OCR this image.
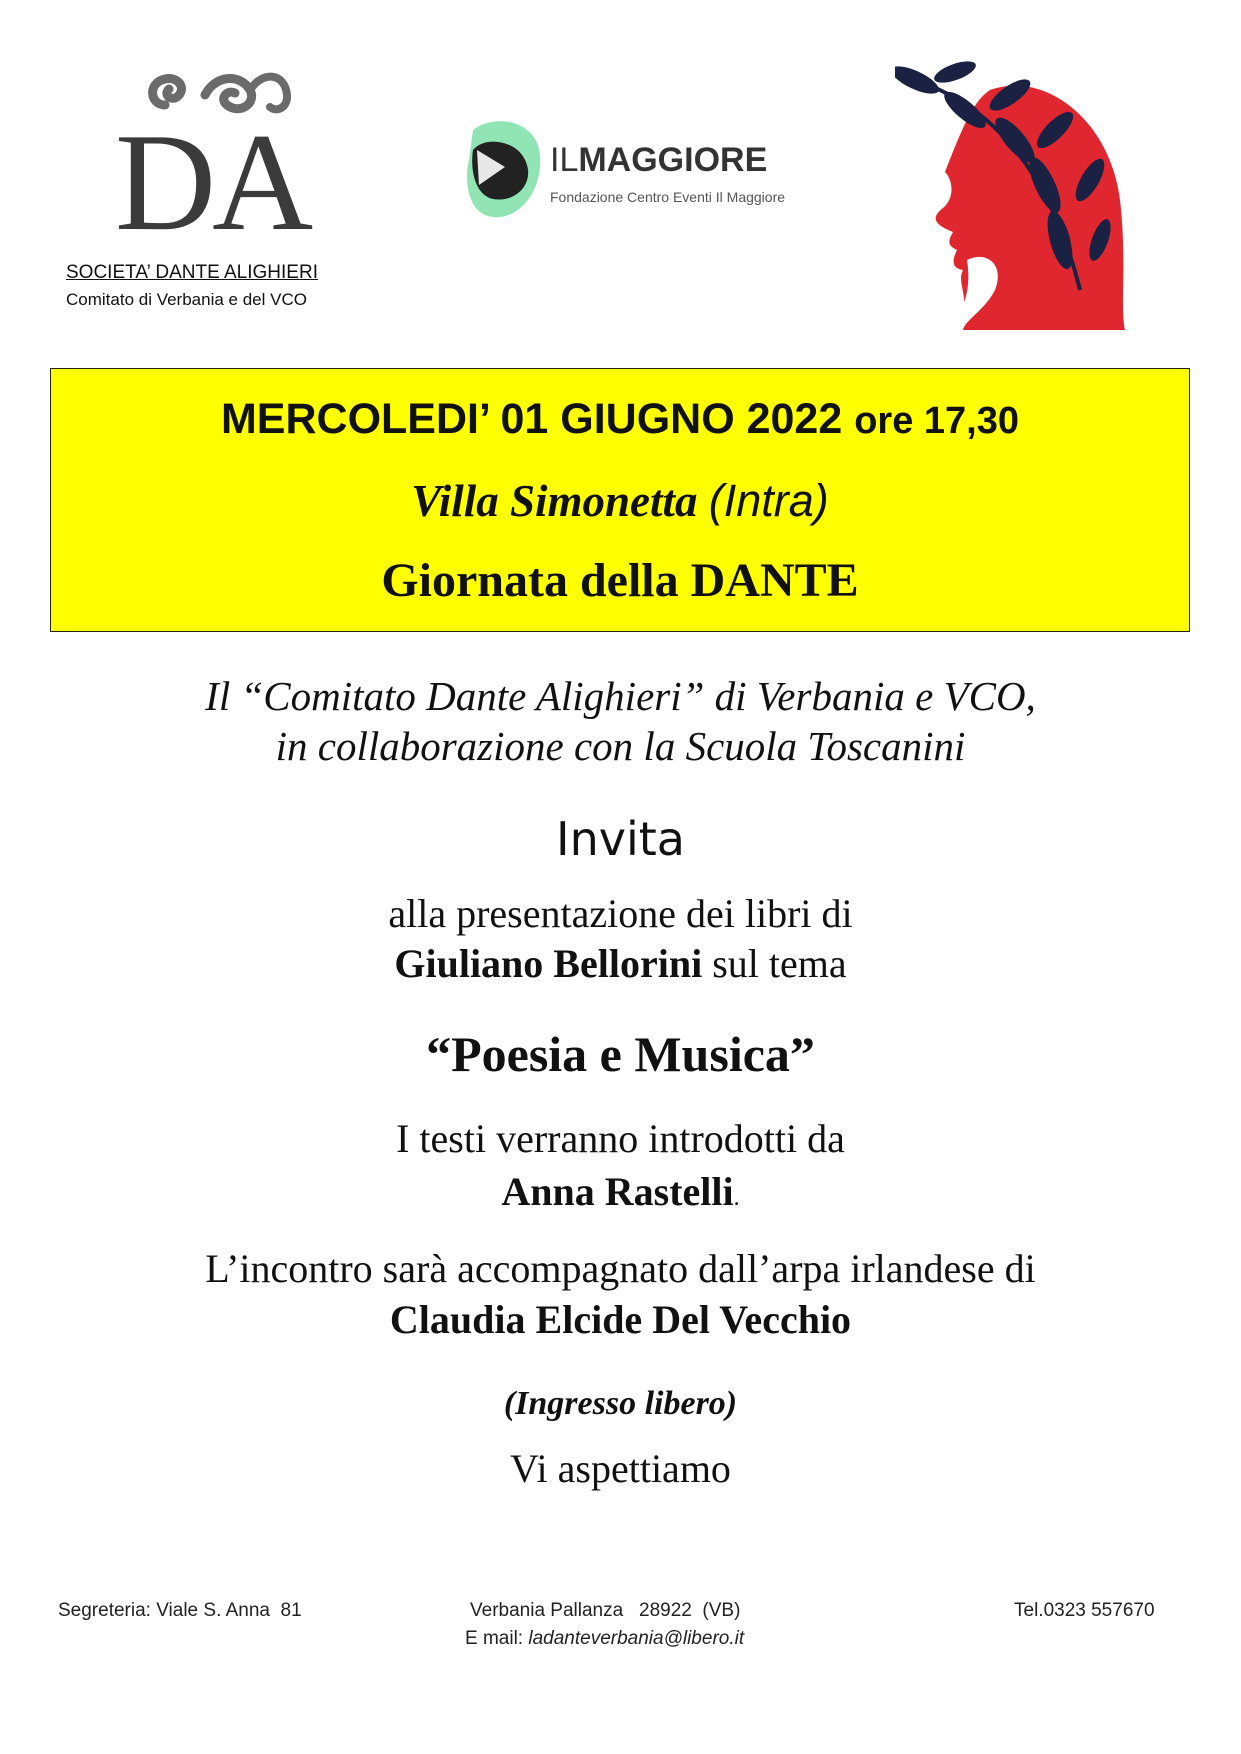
DA
SOCIETA’ DANTE ALIGHIERI
Comitato di Verbania e del VCO
ILMAGGIORE
Fondazione Centro Eventi Il Maggiore
MERCOLEDI’ 01 GIUGNO 2022 ore 17,30
Villa Simonetta (Intra)
Giornata della DANTE
Il “Comitato Dante Alighieri” di Verbania e VCO,
in collaborazione con la Scuola Toscanini
Invita
alla presentazione dei libri di
Giuliano Bellorini sul tema
“Poesia e Musica”
I testi verranno introdotti da
Anna Rastelli.
L’incontro sarà accompagnato dall’arpa irlandese di
Claudia Elcide Del Vecchio
(Ingresso libero)
Vi aspettiamo
Segreteria: Viale S. Anna  81	Verbania Pallanza   28922  (VB)
E mail: ladanteverbania@libero.it
Tel.0323 557670
